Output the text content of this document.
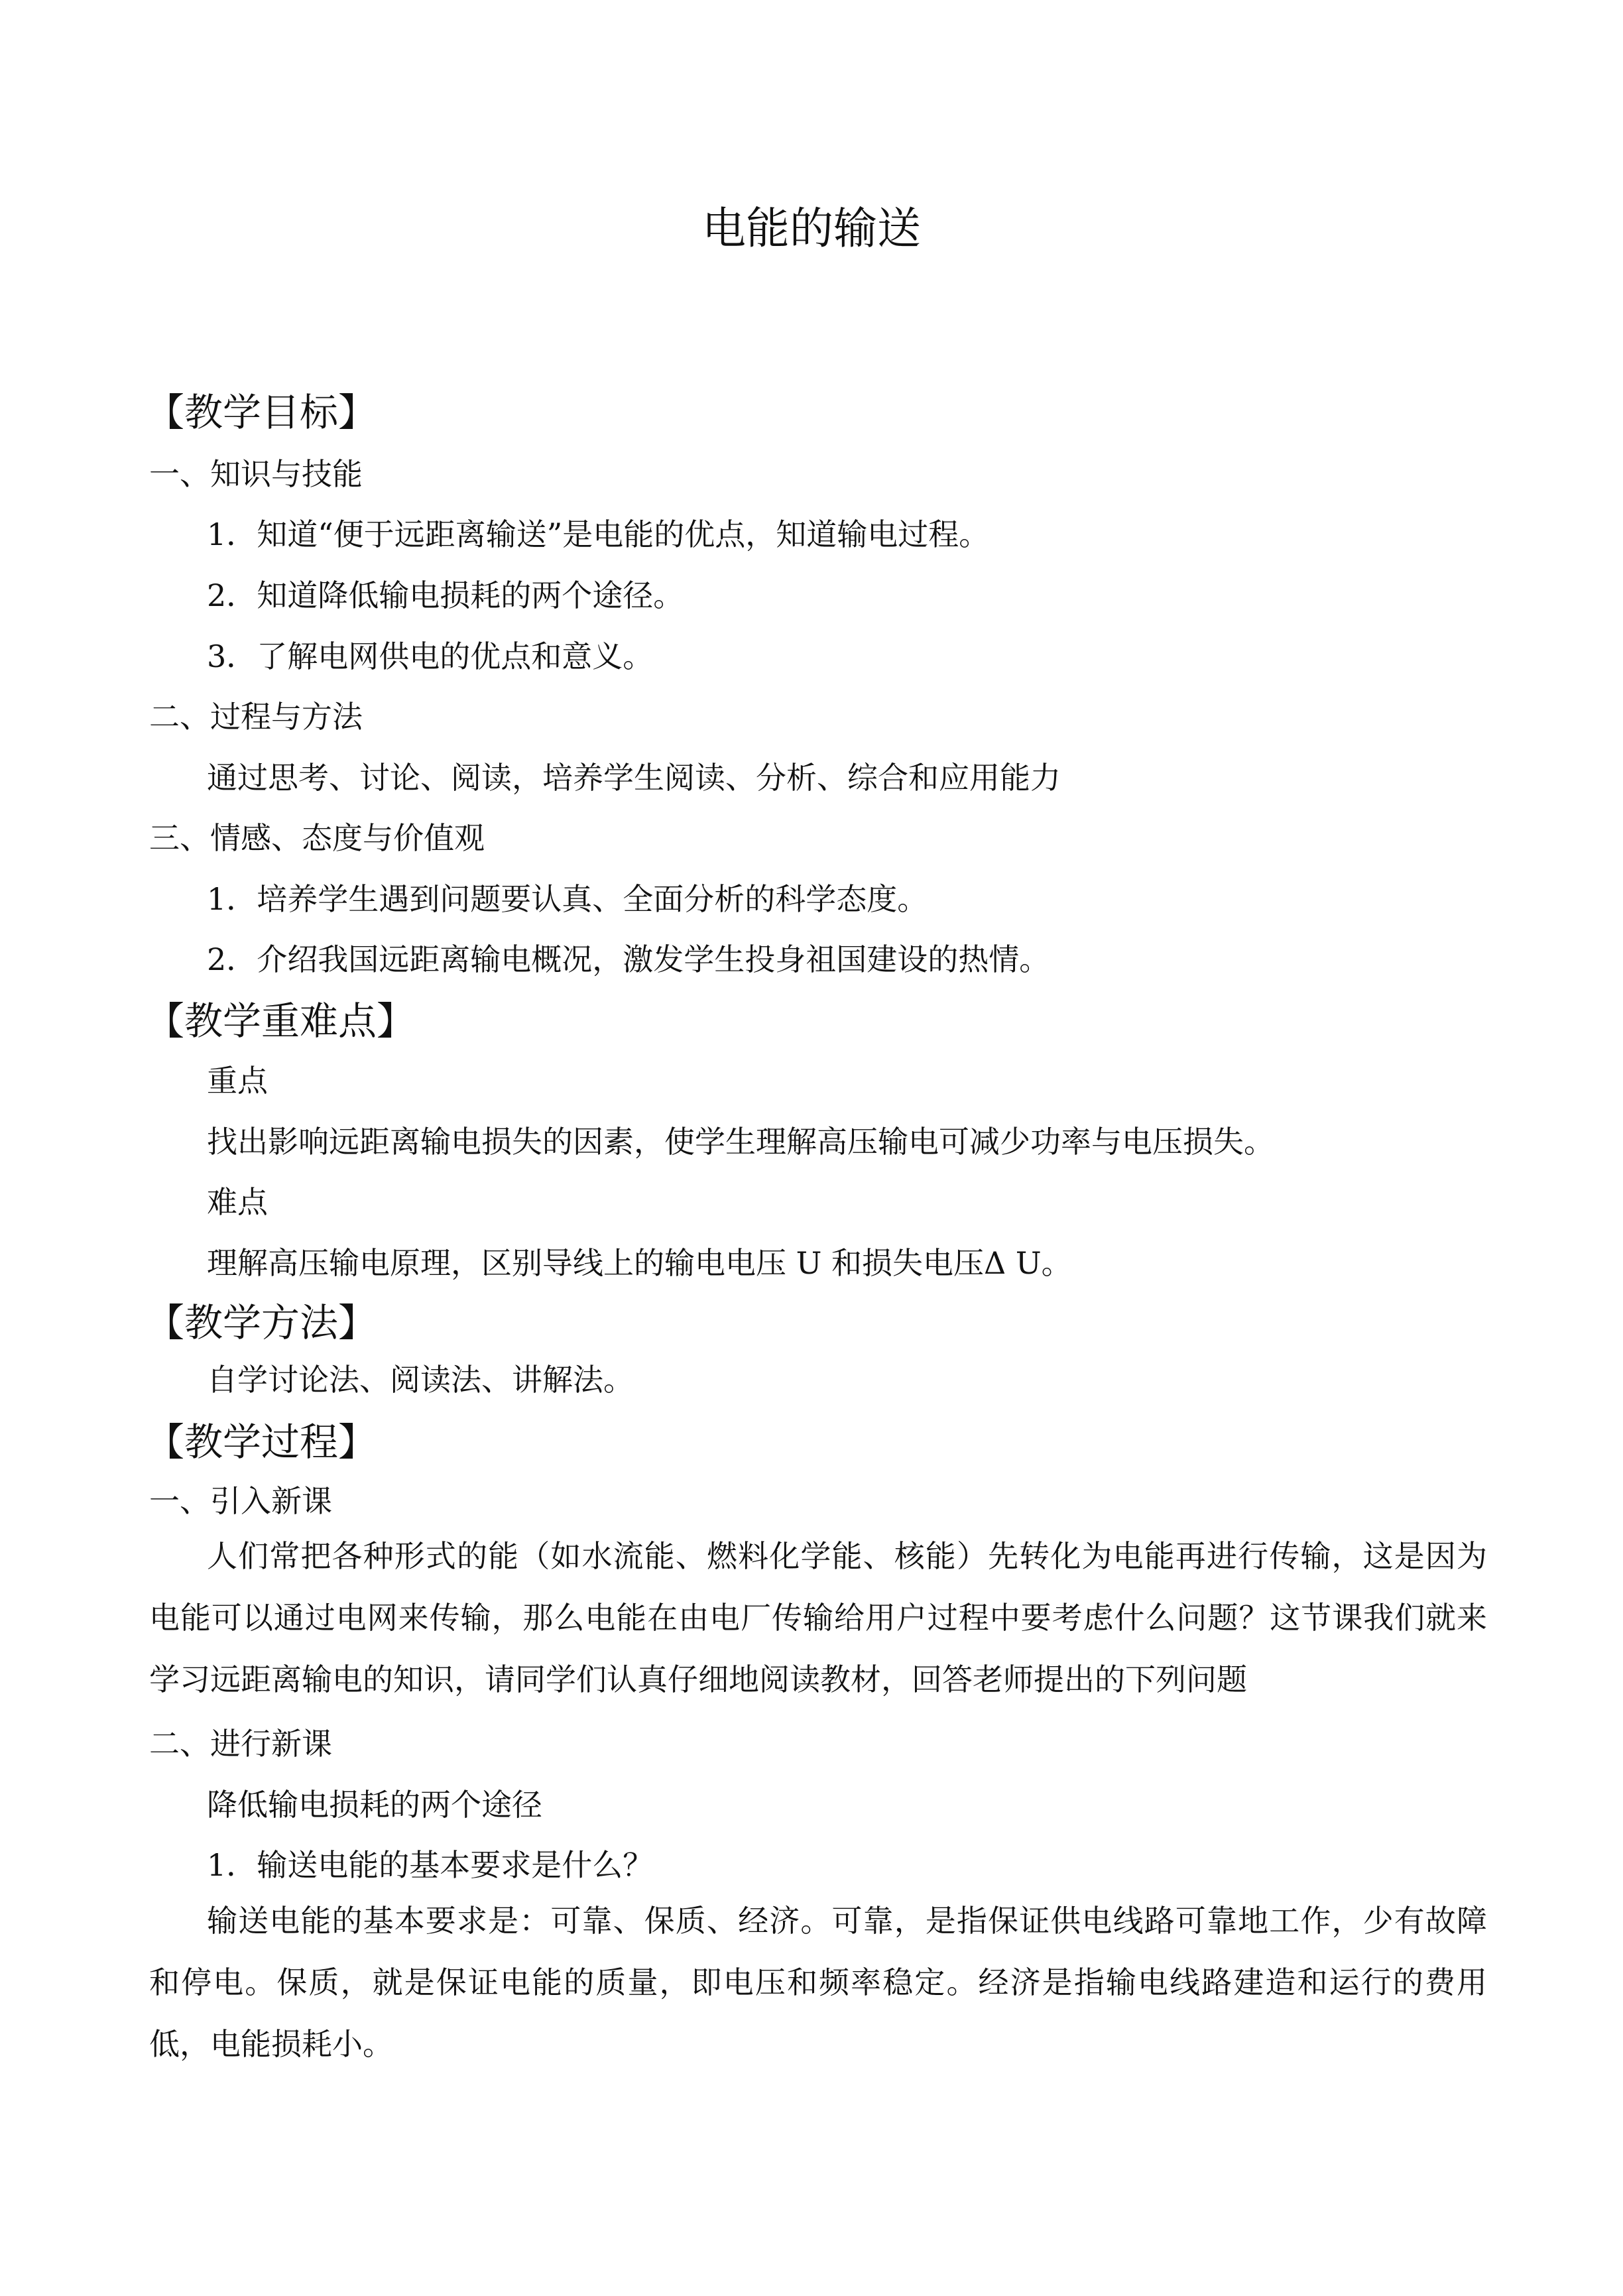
电能的输送
【教学目标】
一、知识与技能
1．知道“便于远距离输送”是电能的优点，知道输电过程。
2．知道降低输电损耗的两个途径。
3．了解电网供电的优点和意义。
二、过程与方法
通过思考、讨论、阅读，培养学生阅读、分析、综合和应用能力
三、情感、态度与价值观
1．培养学生遇到问题要认真、全面分析的科学态度。
2．介绍我国远距离输电概况，激发学生投身祖国建设的热情。
【教学重难点】
重点
找出影响远距离输电损失的因素，使学生理解高压输电可减少功率与电压损失。
难点
理解高压输电原理，区别导线上的输电电压 U 和损失电压Δ U。
【教学方法】
自学讨论法、阅读法、讲解法。
【教学过程】
一、引入新课
人们常把各种形式的能（如水流能、燃料化学能、核能）先转化为电能再进行传输，这是因为电能可以通过电网来传输，那么电能在由电厂传输给用户过程中要考虑什么问题？这节课我们就来学习远距离输电的知识，请同学们认真仔细地阅读教材，回答老师提出的下列问题
二、进行新课
降低输电损耗的两个途径
1．输送电能的基本要求是什么？
输送电能的基本要求是：可靠、保质、经济。可靠，是指保证供电线路可靠地工作，少有故障和停电。保质，就是保证电能的质量，即电压和频率稳定。经济是指输电线路建造和运行的费用低，电能损耗小。
